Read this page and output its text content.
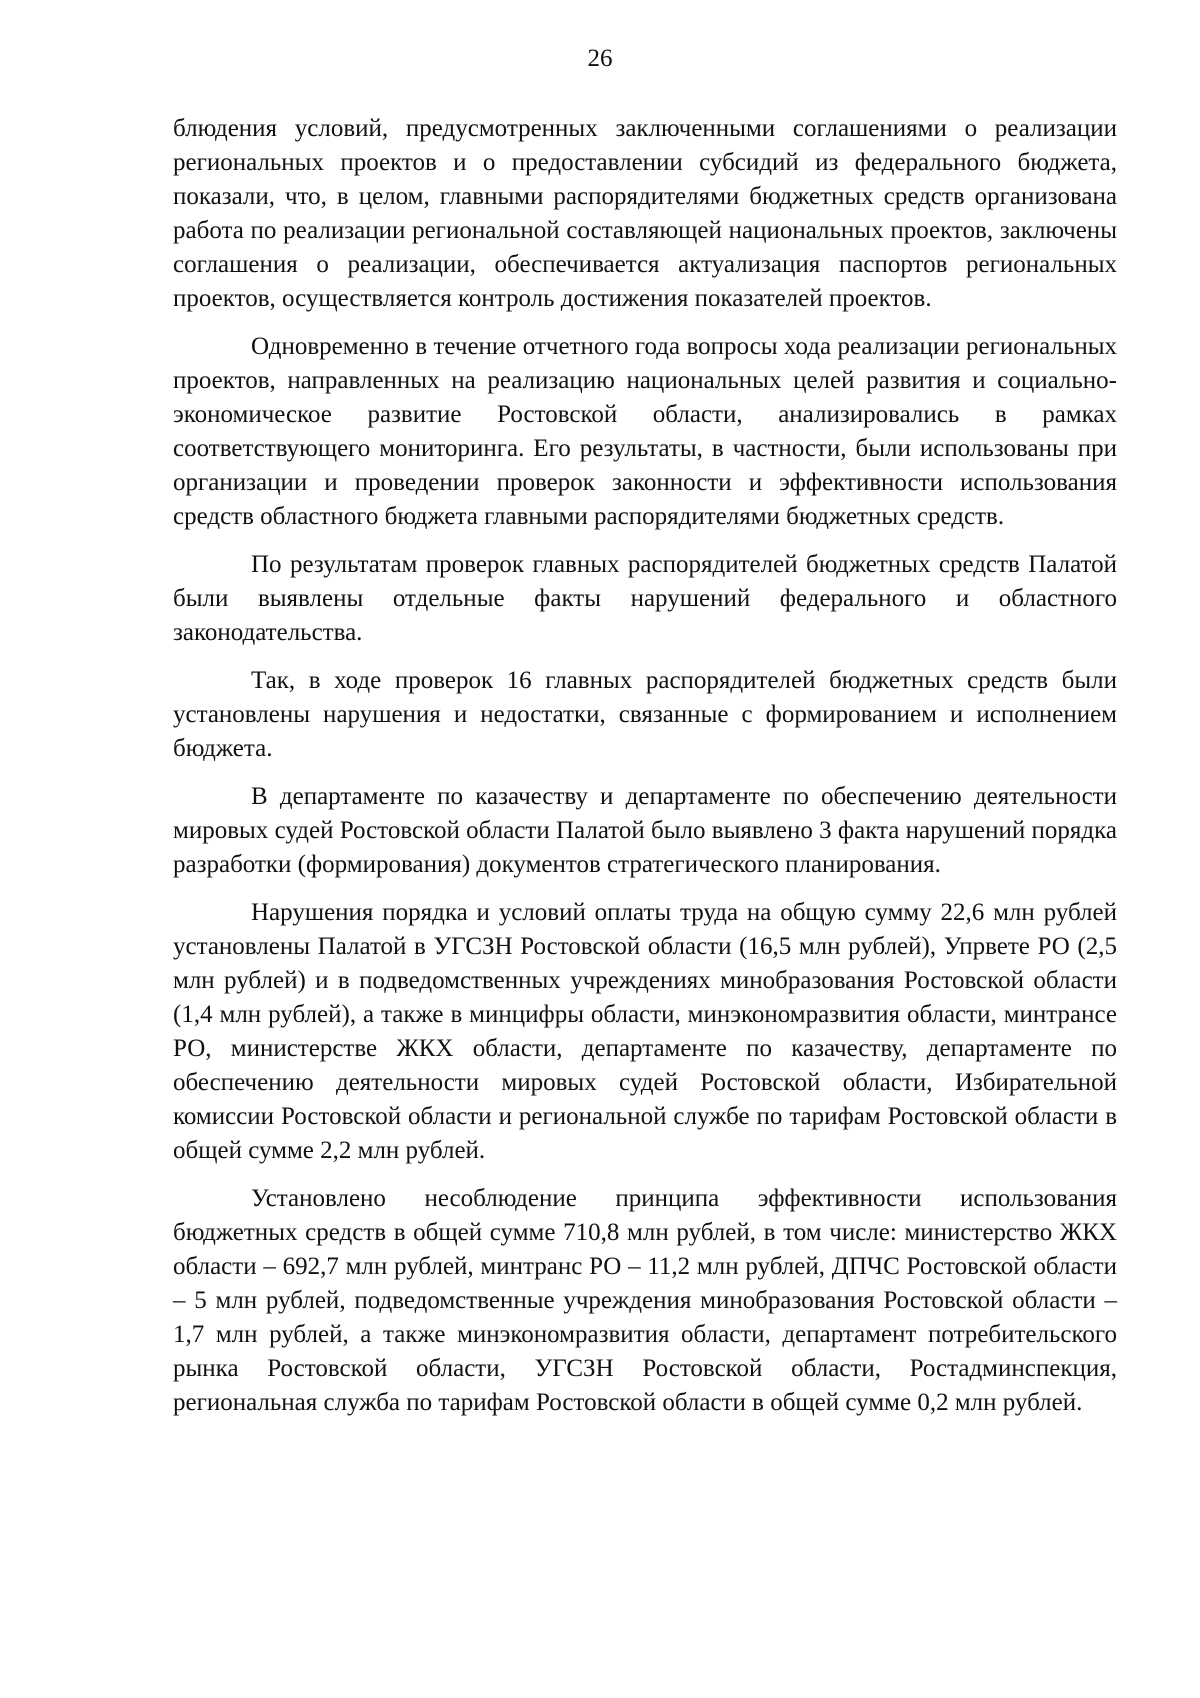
26

блюдения условий, предусмотренных заключенными соглашениями о реализации региональных проектов и о предоставлении субсидий из федерального бюджета, показали, что, в целом, главными распорядителями бюджетных средств организована работа по реализации региональной составляющей национальных проектов, заключены соглашения о реализации, обеспечивается актуализация паспортов региональных проектов, осуществляется контроль достижения показателей проектов.

Одновременно в течение отчетного года вопросы хода реализации региональных проектов, направленных на реализацию национальных целей развития и социально-экономическое развитие Ростовской области, анализировались в рамках соответствующего мониторинга. Его результаты, в частности, были использованы при организации и проведении проверок законности и эффективности использования средств областного бюджета главными распорядителями бюджетных средств.

По результатам проверок главных распорядителей бюджетных средств Палатой были выявлены отдельные факты нарушений федерального и областного законодательства.

Так, в ходе проверок 16 главных распорядителей бюджетных средств были установлены нарушения и недостатки, связанные с формированием и исполнением бюджета.

В департаменте по казачеству и департаменте по обеспечению деятельности мировых судей Ростовской области Палатой было выявлено 3 факта нарушений порядка разработки (формирования) документов стратегического планирования.

Нарушения порядка и условий оплаты труда на общую сумму 22,6 млн рублей установлены Палатой в УГСЗН Ростовской области (16,5 млн рублей), Упрвете РО (2,5 млн рублей) и в подведомственных учреждениях минобразования Ростовской области (1,4 млн рублей), а также в минцифры области, минэкономразвития области, минтрансе РО, министерстве ЖКХ области, департаменте по казачеству, департаменте по обеспечению деятельности мировых судей Ростовской области, Избирательной комиссии Ростовской области и региональной службе по тарифам Ростовской области в общей сумме 2,2 млн рублей.

Установлено несоблюдение принципа эффективности использования бюджетных средств в общей сумме 710,8 млн рублей, в том числе: министерство ЖКХ области – 692,7 млн рублей, минтранс РО – 11,2 млн рублей, ДПЧС Ростовской области – 5 млн рублей, подведомственные учреждения минобразования Ростовской области – 1,7 млн рублей, а также минэкономразвития области, департамент потребительского рынка Ростовской области, УГСЗН Ростовской области, Ростадминспекция, региональная служба по тарифам Ростовской области в общей сумме 0,2 млн рублей.
